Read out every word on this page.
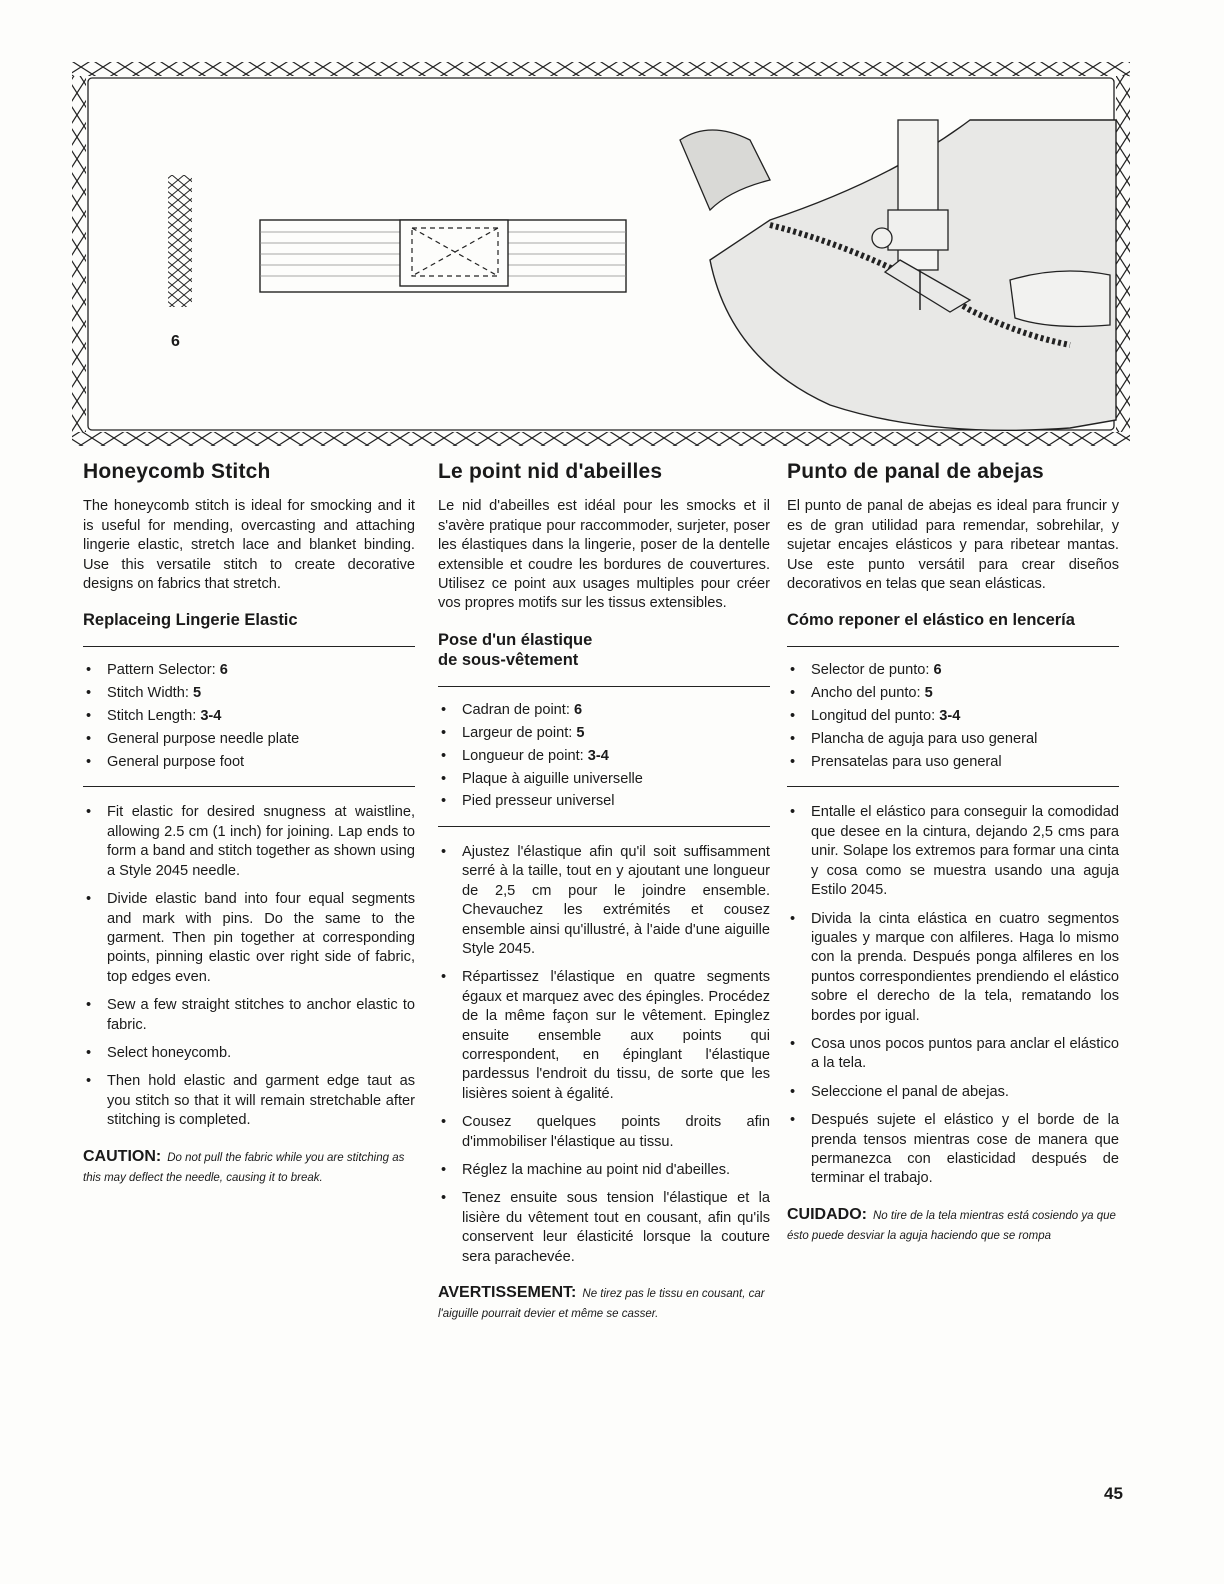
6
Honeycomb Stitch

The honeycomb stitch is ideal for smocking and it is useful for mending, overcasting and attaching lingerie elastic, stretch lace and blanket binding. Use this versatile stitch to create decorative designs on fabrics that stretch.

Replaceing Lingerie Elastic
• Pattern Selector: 6
• Stitch Width: 5
• Stitch Length: 3-4
• General purpose needle plate
• General purpose foot
• Fit elastic for desired snugness at waistline, allowing 2.5 cm (1 inch) for joining. Lap ends to form a band and stitch together as shown using a Style 2045 needle.
• Divide elastic band into four equal segments and mark with pins. Do the same to the garment. Then pin together at corresponding points, pinning elastic over right side of fabric, top edges even.
• Sew a few straight stitches to anchor elastic to fabric.
• Select honeycomb.
• Then hold elastic and garment edge taut as you stitch so that it will remain stretchable after stitching is completed.

CAUTION: Do not pull the fabric while you are stitching as this may deflect the needle, causing it to break.

Le point nid d'abeilles

Le nid d'abeilles est idéal pour les smocks et il s'avère pratique pour raccommoder, surjeter, poser les élastiques dans la lingerie, poser de la dentelle extensible et coudre les bordures de couvertures. Utilisez ce point aux usages multiples pour créer vos propres motifs sur les tissus extensibles.

Pose d'un élastique
de sous-vêtement
• Cadran de point: 6
• Largeur de point: 5
• Longueur de point: 3-4
• Plaque à aiguille universelle
• Pied presseur universel
• Ajustez l'élastique afin qu'il soit suffisamment serré à la taille, tout en y ajoutant une longueur de 2,5 cm pour le joindre ensemble. Chevauchez les extrémités et cousez ensemble ainsi qu'illustré, à l'aide d'une aiguille Style 2045.
• Répartissez l'élastique en quatre segments égaux et marquez avec des épingles. Procédez de la même façon sur le vêtement. Epinglez ensuite ensemble aux points qui correspondent, en épinglant l'élastique pardessus l'endroit du tissu, de sorte que les lisières soient à égalité.
• Cousez quelques points droits afin d'immobiliser l'élastique au tissu.
• Réglez la machine au point nid d'abeilles.
• Tenez ensuite sous tension l'élastique et la lisière du vêtement tout en cousant, afin qu'ils conservent leur élasticité lorsque la couture sera parachevée.

AVERTISSEMENT: Ne tirez pas le tissu en cousant, car l'aiguille pourrait devier et même se casser.

Punto de panal de abejas

El punto de panal de abejas es ideal para fruncir y es de gran utilidad para remendar, sobrehilar, y sujetar encajes elásticos y para ribetear mantas. Use este punto versátil para crear diseños decorativos en telas que sean elásticas.

Cómo reponer el elástico en lencería
• Selector de punto: 6
• Ancho del punto: 5
• Longitud del punto: 3-4
• Plancha de aguja para uso general
• Prensatelas para uso general
• Entalle el elástico para conseguir la comodidad que desee en la cintura, dejando 2,5 cms para unir. Solape los extremos para formar una cinta y cosa como se muestra usando una aguja Estilo 2045.
• Divida la cinta elástica en cuatro segmentos iguales y marque con alfileres. Haga lo mismo con la prenda. Después ponga alfileres en los puntos correspondientes prendiendo el elástico sobre el derecho de la tela, rematando los bordes por igual.
• Cosa unos pocos puntos para anclar el elástico a la tela.
• Seleccione el panal de abejas.
• Después sujete el elástico y el borde de la prenda tensos mientras cose de manera que permanezca con elasticidad después de terminar el trabajo.

CUIDADO: No tire de la tela mientras está cosiendo ya que ésto puede desviar la aguja haciendo que se rompa

45
